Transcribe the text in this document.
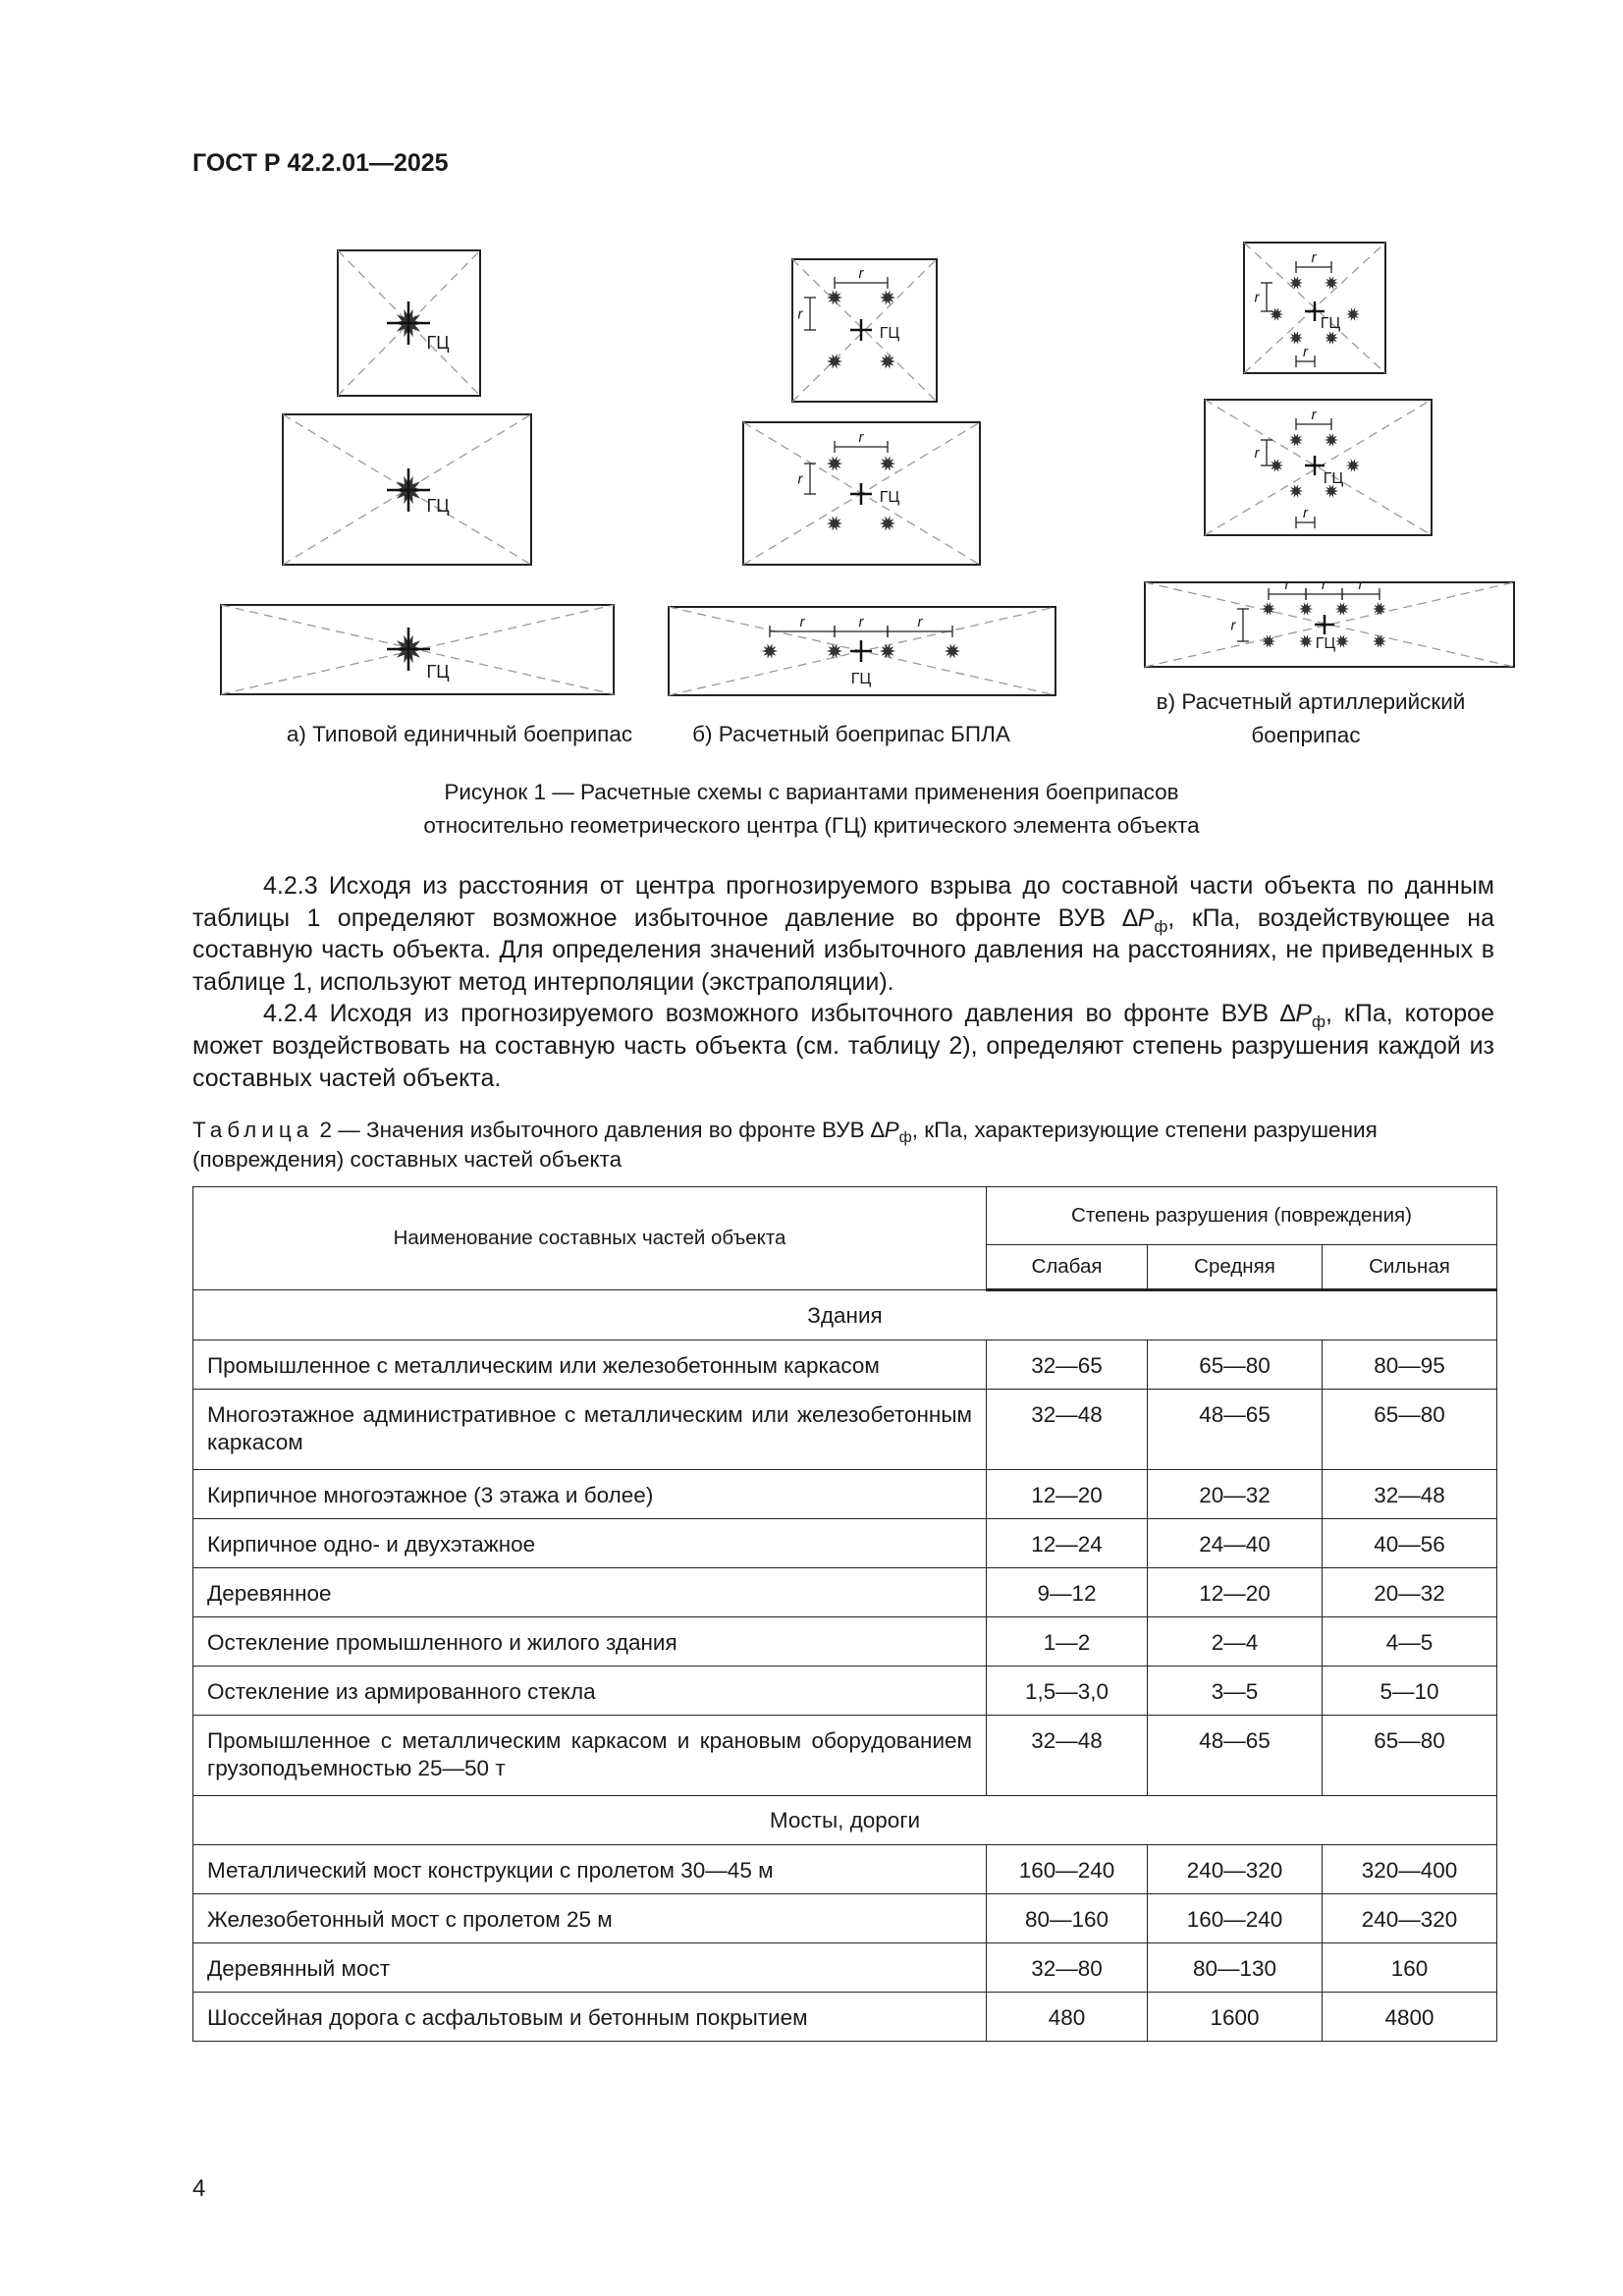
ГОСТ Р 42.2.01—2025
ГЦ
ГЦ
ГЦ
ГЦ
r
r
ГЦ
r
r
ГЦ
r	r	r
ГЦ
r
r
r
ГЦ
r
r
r
ГЦ
r r r
r
а) Типовой единичный боеприпас	б) Расчетный боеприпас БПЛА
в) Расчетный артиллерийский
боеприпас
Рисунок 1 — Расчетные схемы с вариантами применения боеприпасов
относительно геометрического центра (ГЦ) критического элемента объекта

4.2.3 Исходя из расстояния от центра прогнозируемого взрыва до составной части объекта по данным таблицы 1 определяют возможное избыточное давление во фронте ВУВ $\Delta P_ф$, кПа, воздействующее на составную часть объекта. Для определения значений избыточного давления на расстояниях, не приведенных в таблице 1, используют метод интерполяции (экстраполяции).

4.2.4 Исходя из прогнозируемого возможного избыточного давления во фронте ВУВ $\Delta P_ф$, кПа, которое может воздействовать на составную часть объекта (см. таблицу 2), определяют степень разрушения каждой из составных частей объекта.

Таблица 2 — Значения избыточного давления во фронте ВУВ $\Delta P_ф$, кПа, характеризующие степени разрушения (повреждения) составных частей объекта
Наименование составных частей объекта	Степень разрушения (повреждения)		
	Слабая	Средняя	Сильная
Здания			
Промышленное с металлическим или железобетонным каркасом	32—65	65—80	80—95
Многоэтажное административное с металлическим или железобетонным каркасом	32—48	48—65	65—80
Кирпичное многоэтажное (3 этажа и более)	12—20	20—32	32—48
Кирпичное одно- и двухэтажное	12—24	24—40	40—56
Деревянное	9—12	12—20	20—32
Остекление промышленного и жилого здания	1—2	2—4	4—5
Остекление из армированного стекла	1,5—3,0	3—5	5—10
Промышленное с металлическим каркасом и крановым оборудованием грузоподъемностью 25—50 т	32—48	48—65	65—80
Мосты, дороги			
Металлический мост конструкции с пролетом 30—45 м	160—240	240—320	320—400
Железобетонный мост с пролетом 25 м	80—160	160—240	240—320
Деревянный мост	32—80	80—130	160
Шоссейная дорога с асфальтовым и бетонным покрытием	480	1600	4800
4
